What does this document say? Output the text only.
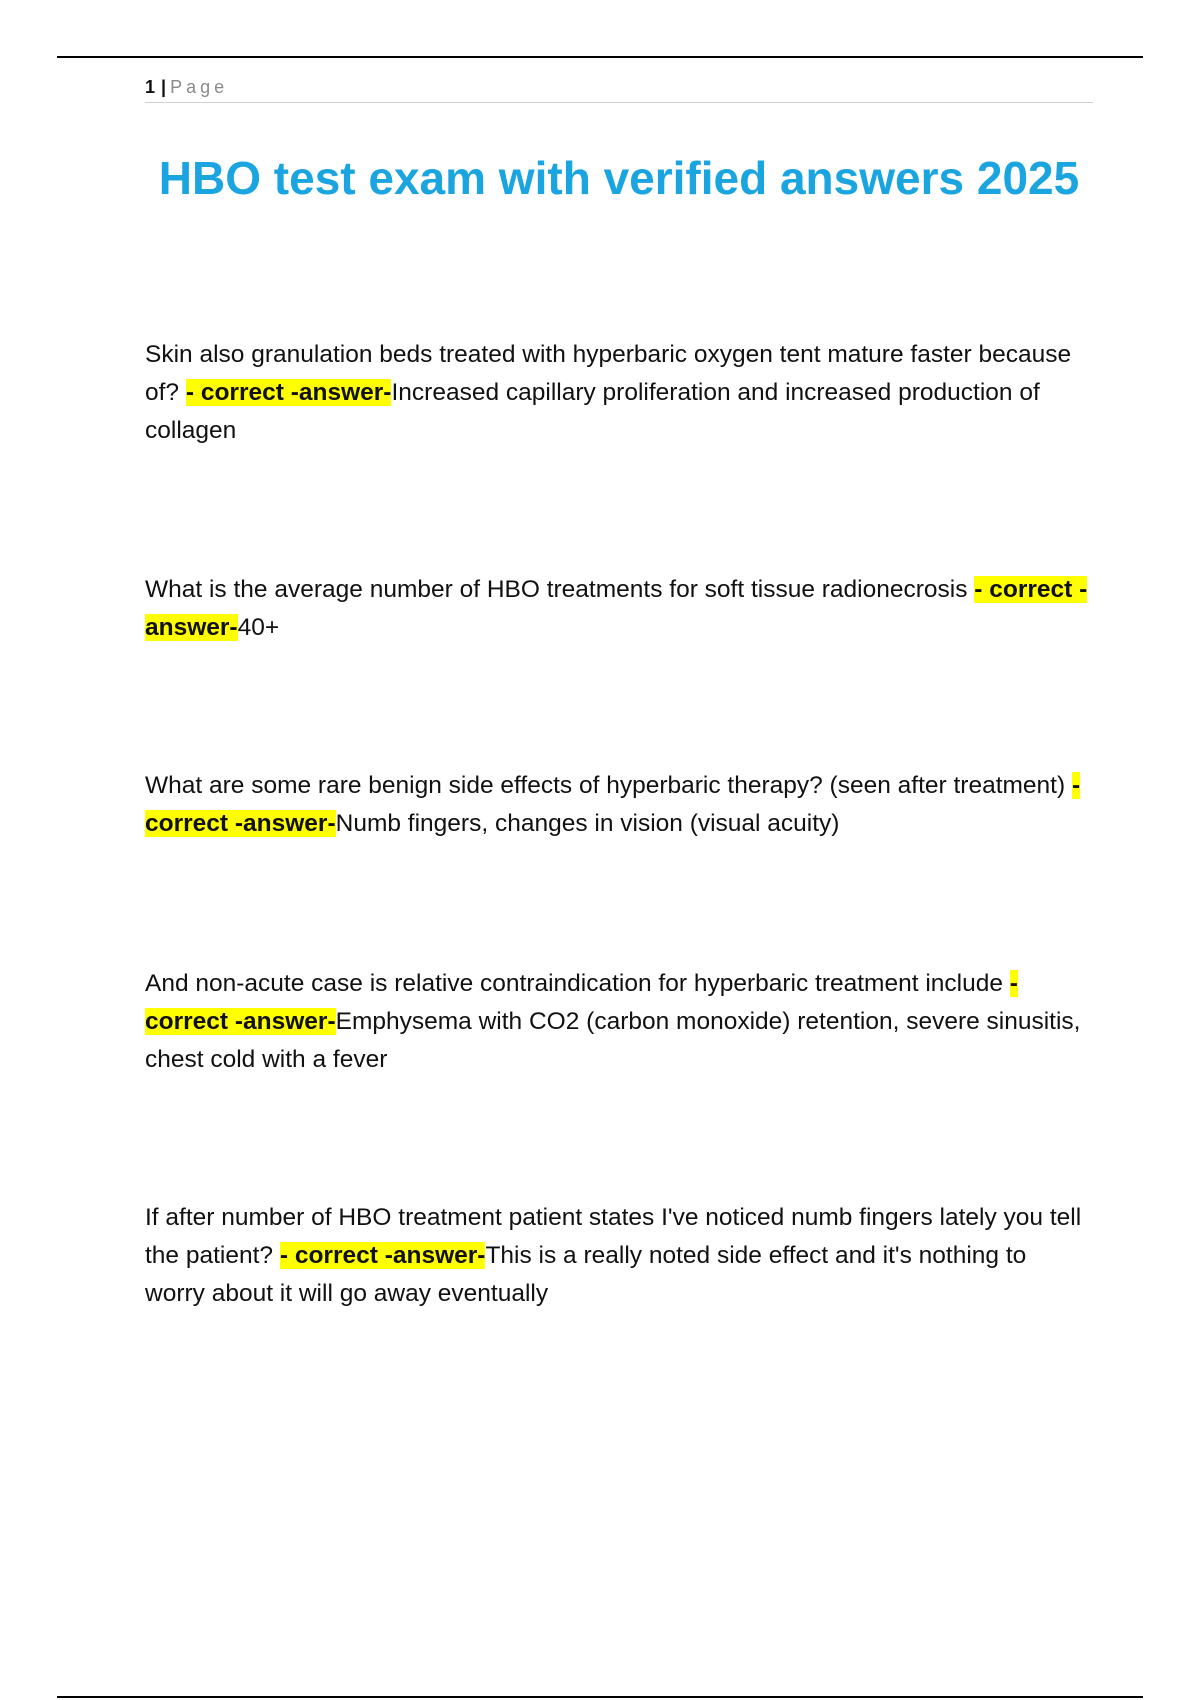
1 | Page
HBO test exam with verified answers 2025
Skin also granulation beds treated with hyperbaric oxygen tent mature faster because of? - correct -answer-Increased capillary proliferation and increased production of collagen
What is the average number of HBO treatments for soft tissue radionecrosis - correct -answer-40+
What are some rare benign side effects of hyperbaric therapy? (seen after treatment) - correct -answer-Numb fingers, changes in vision (visual acuity)
And non-acute case is relative contraindication for hyperbaric treatment include - correct -answer-Emphysema with CO2 (carbon monoxide) retention, severe sinusitis, chest cold with a fever
If after number of HBO treatment patient states I've noticed numb fingers lately you tell the patient? - correct -answer-This is a really noted side effect and it's nothing to worry about it will go away eventually
